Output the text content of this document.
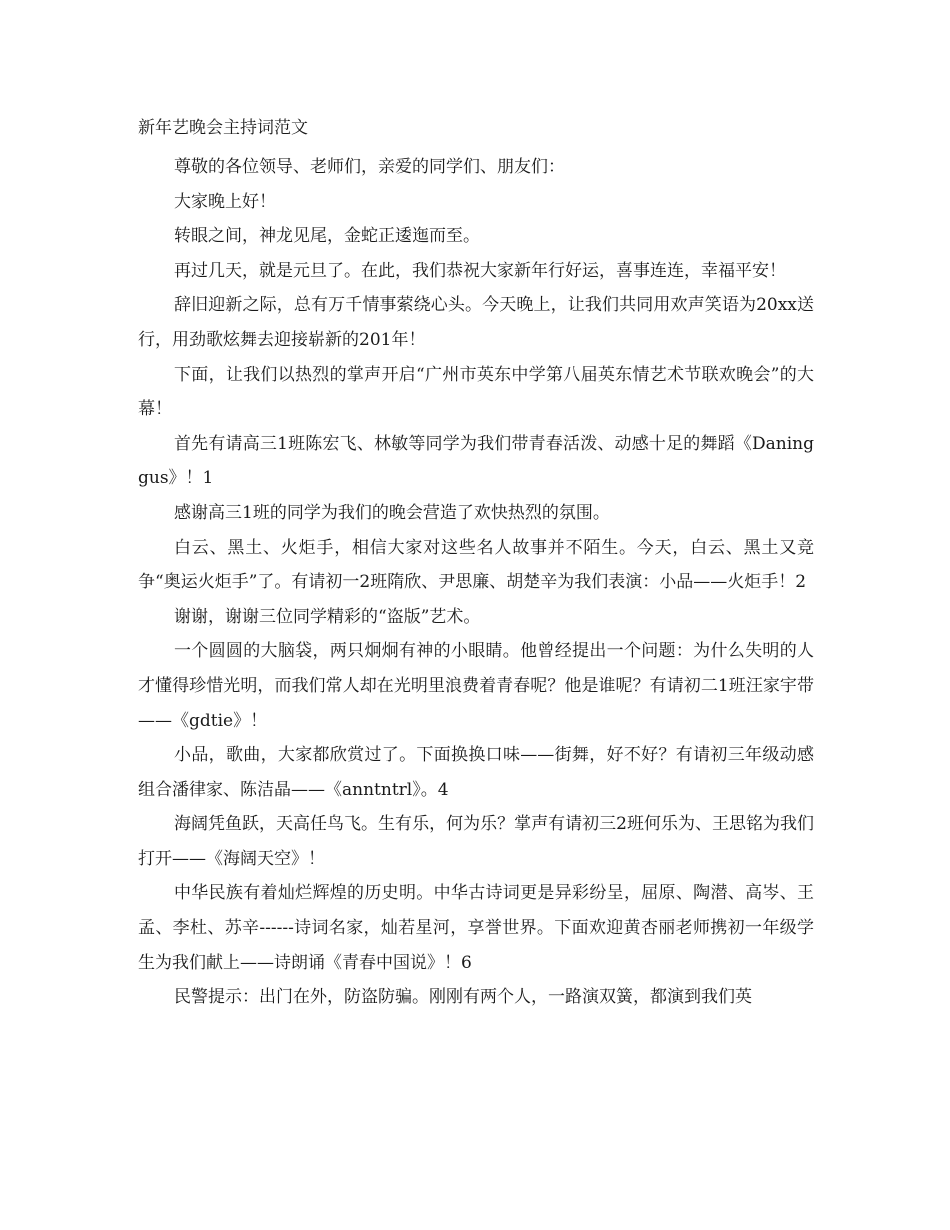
新年艺晚会主持词范文

尊敬的各位领导、老师们，亲爱的同学们、朋友们：

大家晚上好！

转眼之间，神龙见尾，金蛇正逶迤而至。

再过几天，就是元旦了。在此，我们恭祝大家新年行好运，喜事连连，幸福平安！

辞旧迎新之际，总有万千情事萦绕心头。今天晚上，让我们共同用欢声笑语为20xx送行，用劲歌炫舞去迎接崭新的201年！

下面，让我们以热烈的掌声开启“广州市英东中学第八届英东情艺术节联欢晚会”的大幕！

首先有请高三1班陈宏飞、林敏等同学为我们带青春活泼、动感十足的舞蹈《Daninggus》！1

感谢高三1班的同学为我们的晚会营造了欢快热烈的氛围。

白云、黑土、火炬手，相信大家对这些名人故事并不陌生。今天，白云、黑土又竞争“奥运火炬手”了。有请初一2班隋欣、尹思廉、胡楚辛为我们表演：小品——火炬手！2

谢谢，谢谢三位同学精彩的“盗版”艺术。

一个圆圆的大脑袋，两只炯炯有神的小眼睛。他曾经提出一个问题：为什么失明的人才懂得珍惜光明，而我们常人却在光明里浪费着青春呢？他是谁呢？有请初二1班汪家宇带——《gdtie》！

小品，歌曲，大家都欣赏过了。下面换换口味——街舞，好不好？有请初三年级动感组合潘律家、陈洁晶——《anntntrl》。4

海阔凭鱼跃，天高任鸟飞。生有乐，何为乐？掌声有请初三2班何乐为、王思铭为我们打开——《海阔天空》！

中华民族有着灿烂辉煌的历史明。中华古诗词更是异彩纷呈，屈原、陶潜、高岑、王孟、李杜、苏辛------诗词名家，灿若星河，享誉世界。下面欢迎黄杏丽老师携初一年级学生为我们献上——诗朗诵《青春中国说》！6

民警提示：出门在外，防盗防骗。刚刚有两个人，一路演双簧，都演到我们英
